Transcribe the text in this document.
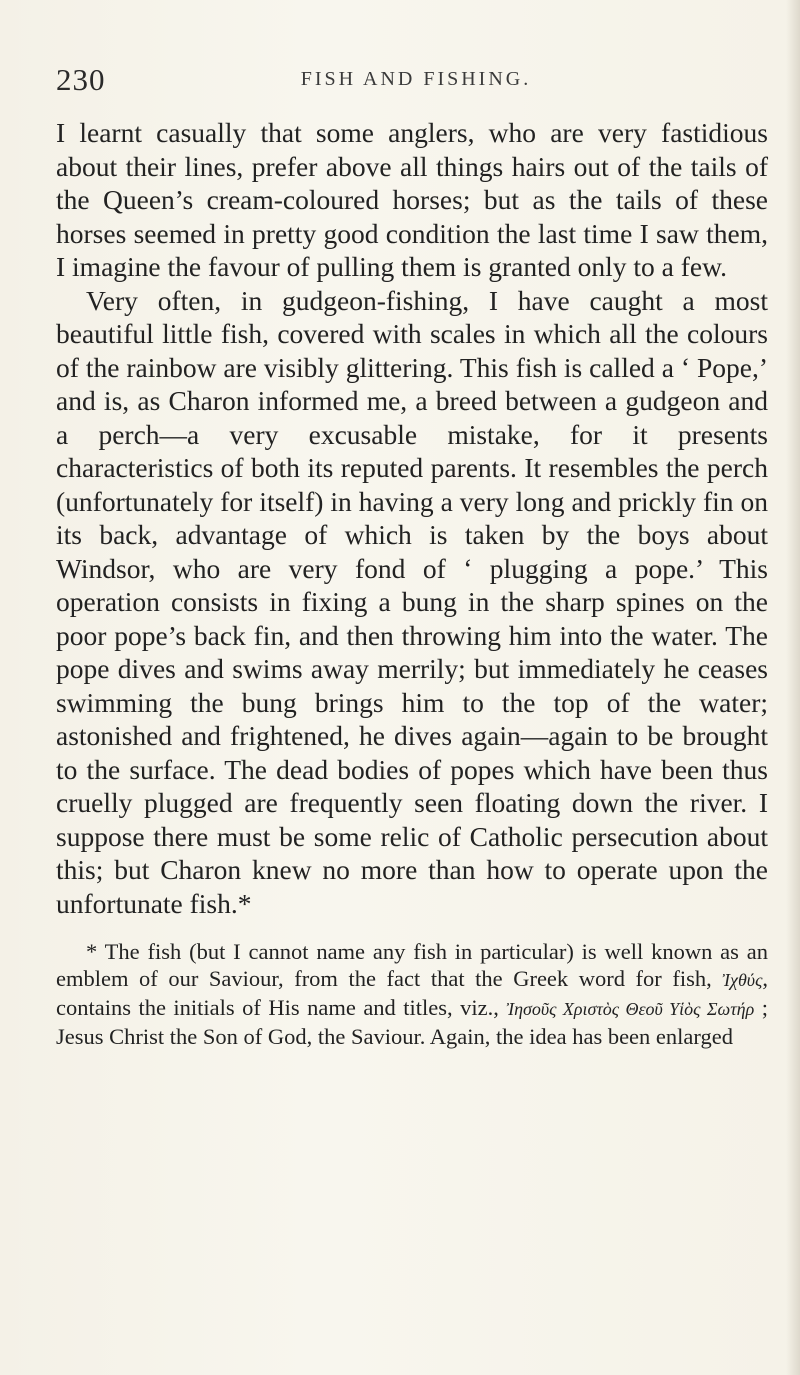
230	FISH AND FISHING.

I learnt casually that some anglers, who are very fastidious about their lines, prefer above all things hairs out of the tails of the Queen’s cream-coloured horses; but as the tails of these horses seemed in pretty good condition the last time I saw them, I imagine the favour of pulling them is granted only to a few.

Very often, in gudgeon-fishing, I have caught a most beautiful little fish, covered with scales in which all the colours of the rainbow are visibly glittering. This fish is called a ‘ Pope,’ and is, as Charon informed me, a breed between a gudgeon and a perch—a very excusable mistake, for it presents characteristics of both its reputed parents. It resembles the perch (unfortunately for itself) in having a very long and prickly fin on its back, advantage of which is taken by the boys about Windsor, who are very fond of ‘ plugging a pope.’ This operation consists in fixing a bung in the sharp spines on the poor pope’s back fin, and then throwing him into the water. The pope dives and swims away merrily; but immediately he ceases swimming the bung brings him to the top of the water; astonished and frightened, he dives again—again to be brought to the surface. The dead bodies of popes which have been thus cruelly plugged are frequently seen floating down the river. I suppose there must be some relic of Catholic persecution about this; but Charon knew no more than how to operate upon the unfortunate fish.*

* The fish (but I cannot name any fish in particular) is well known as an emblem of our Saviour, from the fact that the Greek word for fish, Ἰχθύς, contains the initials of His name and titles, viz., Ἰησοῦς Χριστὸς Θεοῦ Υἱὸς Σωτήρ ; Jesus Christ the Son of God, the Saviour. Again, the idea has been enlarged
